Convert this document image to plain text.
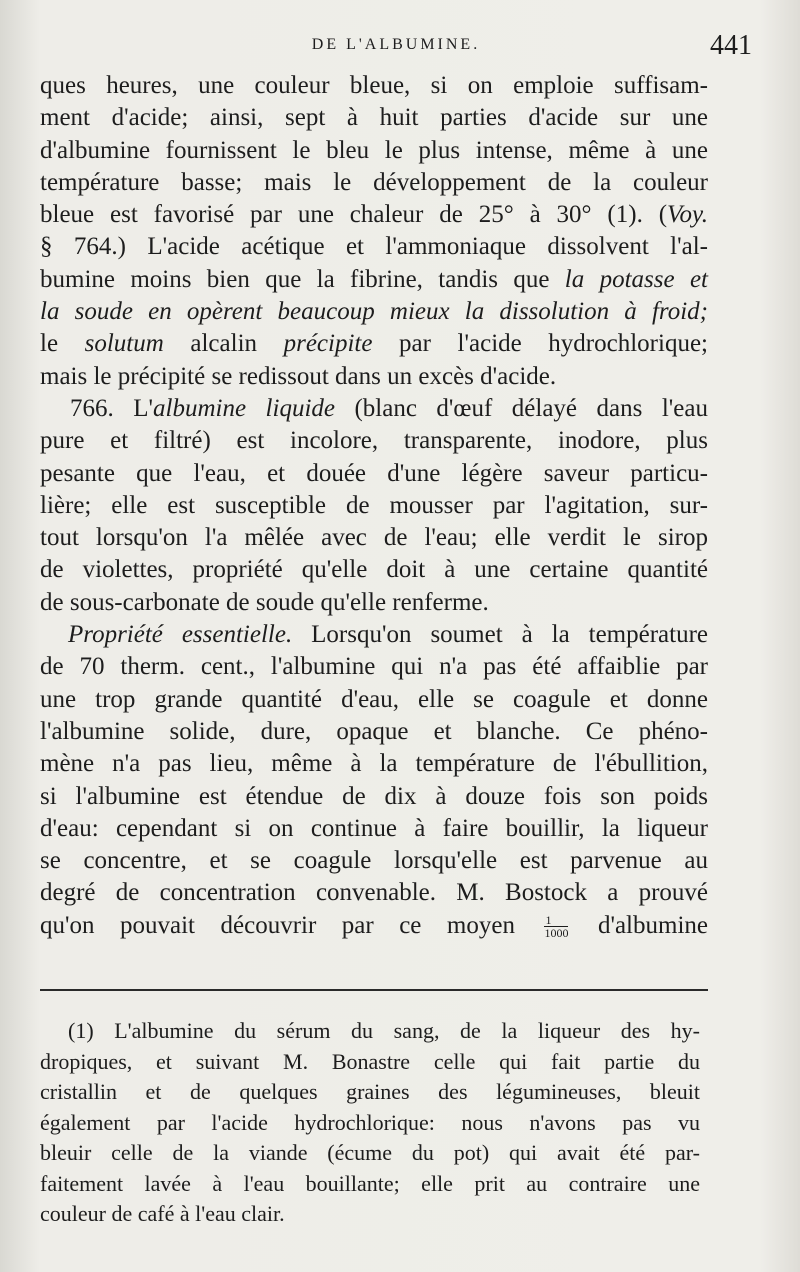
DE L'ALBUMINE.	441
ques heures, une couleur bleue, si on emploie suffisam-
ment d'acide; ainsi, sept à huit parties d'acide sur une
d'albumine fournissent le bleu le plus intense, même à une
température basse; mais le développement de la couleur
bleue est favorisé par une chaleur de 25° à 30° (1). (Voy.
§ 764.) L'acide acétique et l'ammoniaque dissolvent l'al-
bumine moins bien que la fibrine, tandis que la potasse et
la soude en opèrent beaucoup mieux la dissolution à froid;
le solutum alcalin précipite par l'acide hydrochlorique;
mais le précipité se redissout dans un excès d'acide.
766. L'albumine liquide (blanc d'œuf délayé dans l'eau
pure et filtré) est incolore, transparente, inodore, plus
pesante que l'eau, et douée d'une légère saveur particu-
lière; elle est susceptible de mousser par l'agitation, sur-
tout lorsqu'on l'a mêlée avec de l'eau; elle verdit le sirop
de violettes, propriété qu'elle doit à une certaine quantité
de sous-carbonate de soude qu'elle renferme.
Propriété essentielle. Lorsqu'on soumet à la température
de 70 therm. cent., l'albumine qui n'a pas été affaiblie par
une trop grande quantité d'eau, elle se coagule et donne
l'albumine solide, dure, opaque et blanche. Ce phéno-
mène n'a pas lieu, même à la température de l'ébullition,
si l'albumine est étendue de dix à douze fois son poids
d'eau: cependant si on continue à faire bouillir, la liqueur
se concentre, et se coagule lorsqu'elle est parvenue au
degré de concentration convenable. M. Bostock a prouvé
qu'on pouvait découvrir par ce moyen $\frac{1}{1000}$ d'albumine
(1) L'albumine du sérum du sang, de la liqueur des hy-
dropiques, et suivant M. Bonastre celle qui fait partie du
cristallin et de quelques graines des légumineuses, bleuit
également par l'acide hydrochlorique: nous n'avons pas vu
bleuir celle de la viande (écume du pot) qui avait été par-
faitement lavée à l'eau bouillante; elle prit au contraire une
couleur de café à l'eau clair.
